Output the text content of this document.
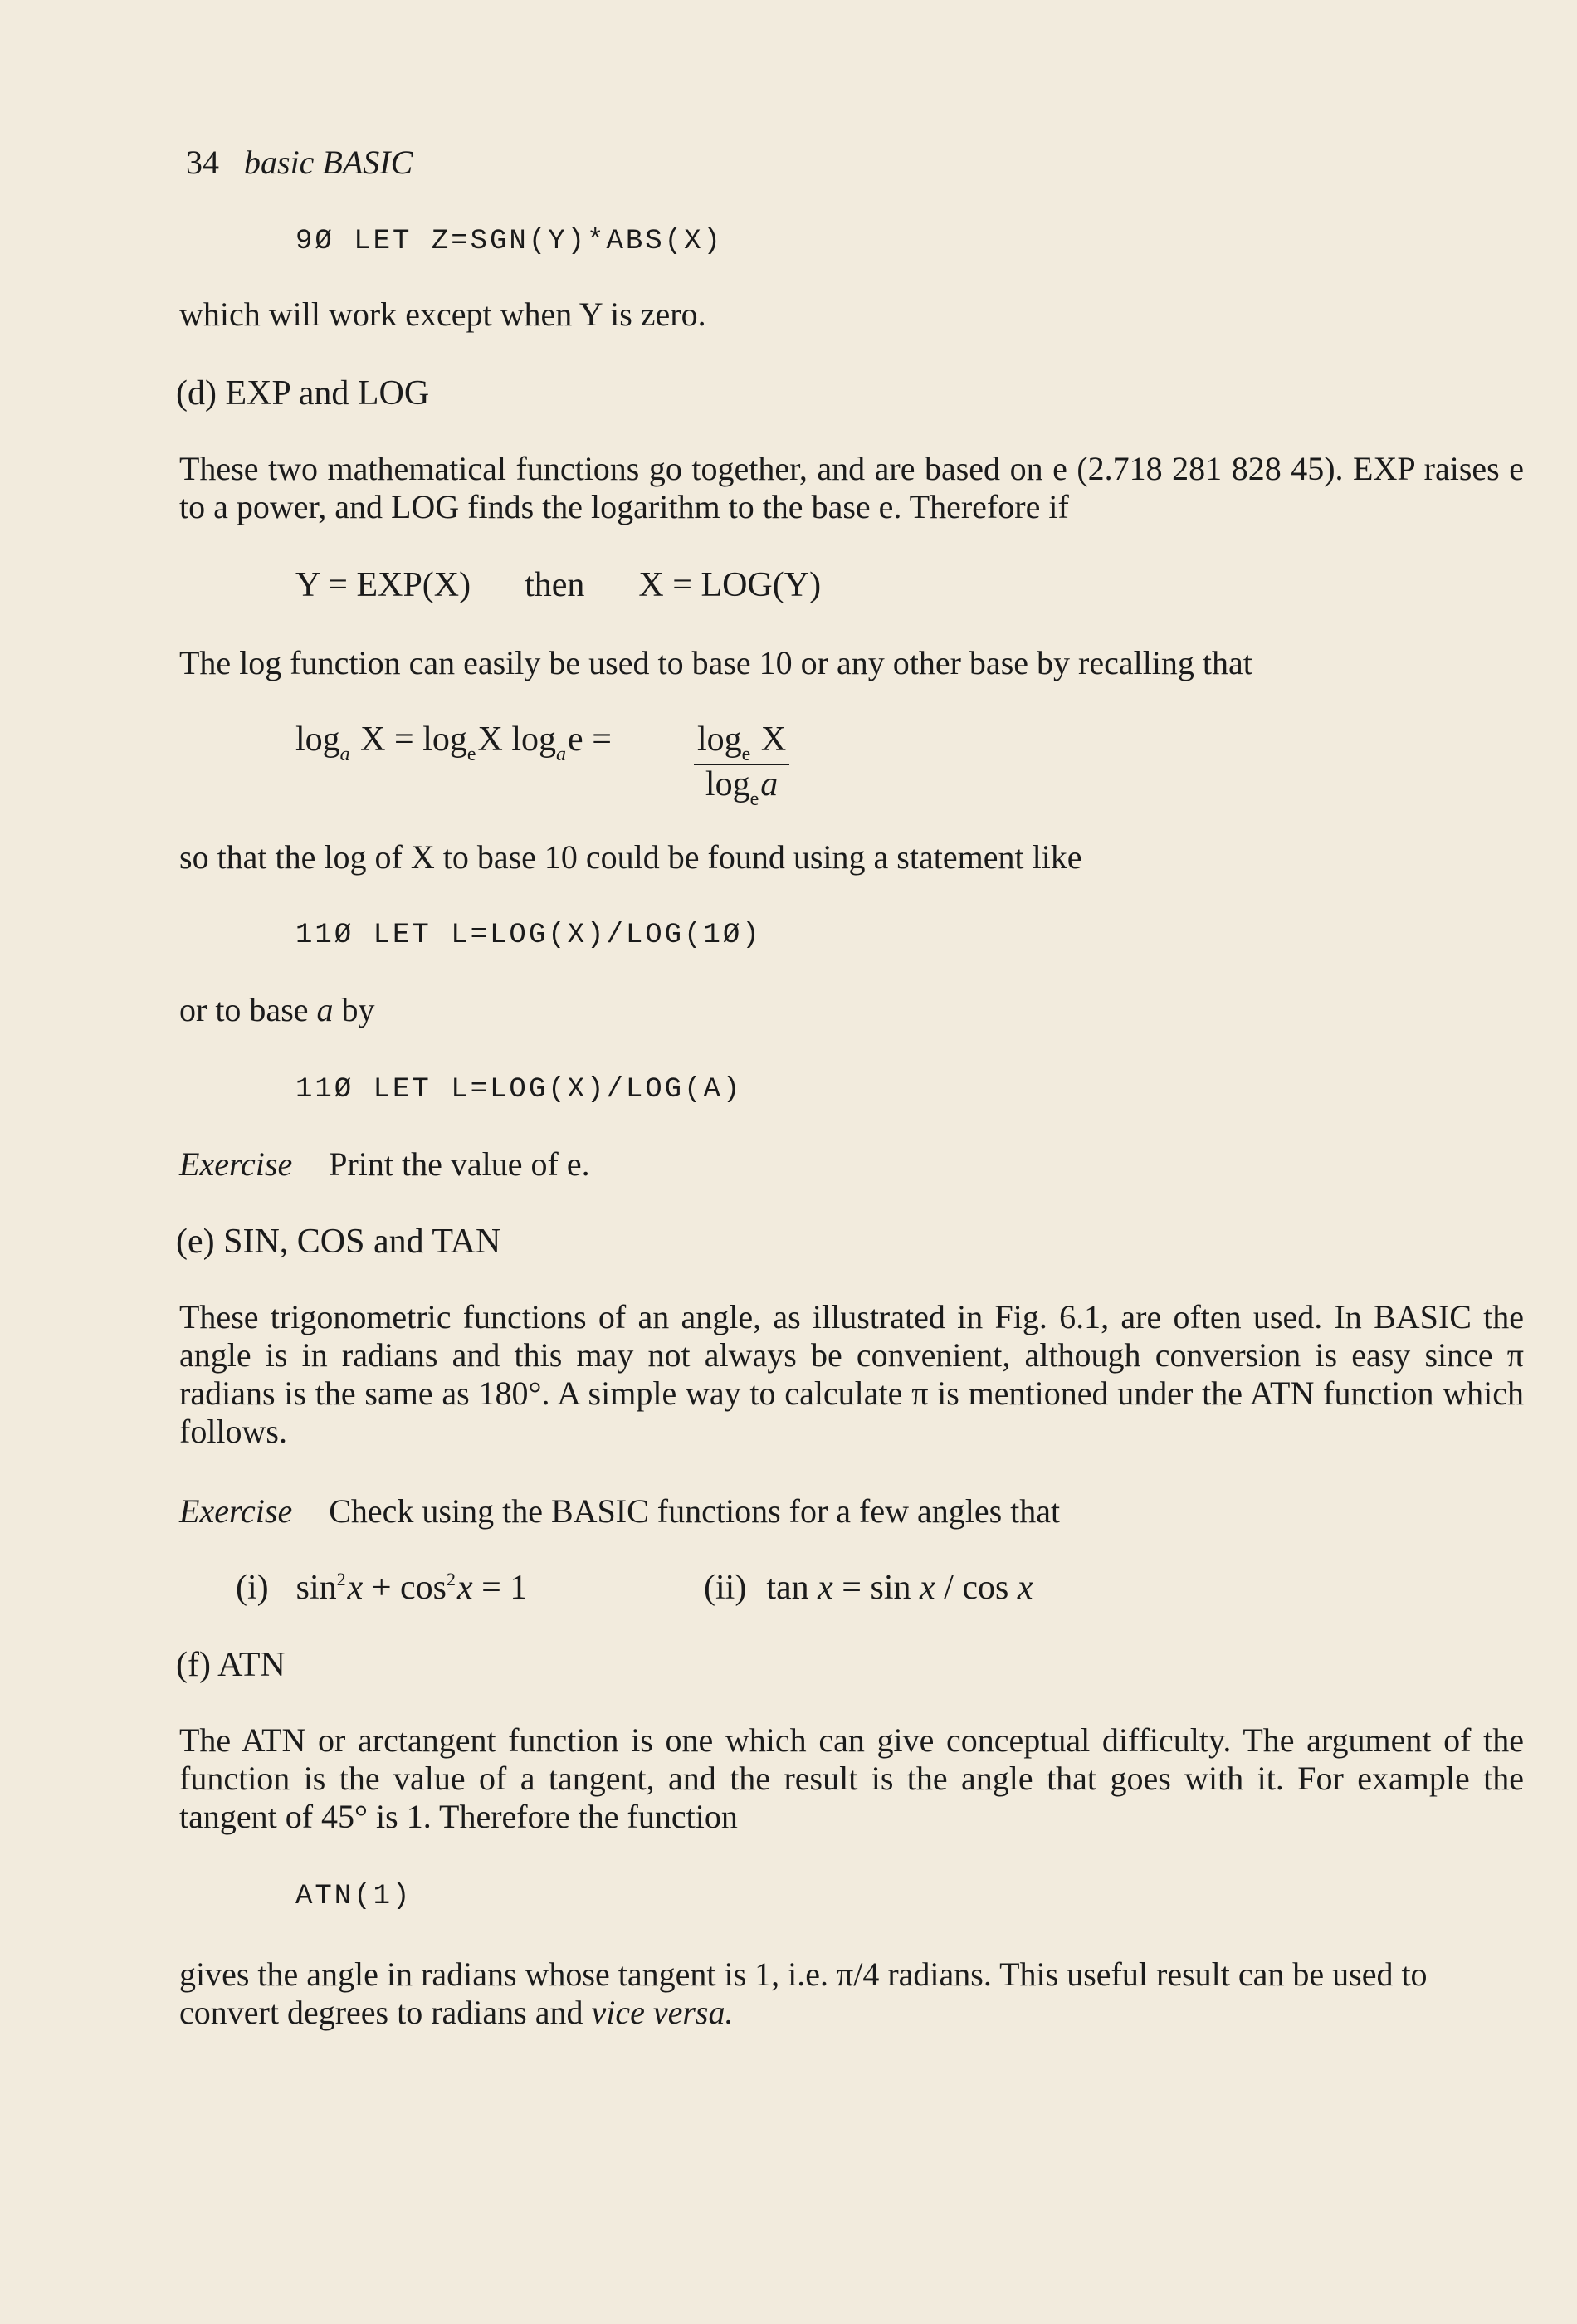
34 basic BASIC
9Ø LET Z=SGN(Y)*ABS(X)
which will work except when Y is zero.
(d) EXP and LOG
These two mathematical functions go together, and are based on e (2.718 281 828 45). EXP raises e to a power, and LOG finds the logarithm to the base e. Therefore if
Y = EXP(X) then X = LOG(Y)
The log function can easily be used to base 10 or any other base by recalling that
$\log_a X = \log_eX$ $\log_ae = \frac{\log_e X}{\log_ea}$
so that the log of X to base 10 could be found using a statement like
11Ø LET L=LOG(X)/LOG(1Ø)
or to base a by
11Ø LET L=LOG(X)/LOG(A)
Exercise Print the value of e.
(e) SIN, COS and TAN
These trigonometric functions of an angle, as illustrated in Fig. 6.1, are often used. In BASIC the angle is in radians and this may not always be convenient, although conversion is easy since π radians is the same as 180°. A simple way to calculate π is mentioned under the ATN function which follows.
Exercise Check using the BASIC functions for a few angles that
(i) $\sin^2x + \cos^2x = 1$	(ii) tan x = sin x / cos x
(f) ATN
The ATN or arctangent function is one which can give conceptual difficulty. The argument of the function is the value of a tangent, and the result is the angle that goes with it. For example the tangent of 45° is 1. Therefore the function
ATN(1)
gives the angle in radians whose tangent is 1, i.e. π/4 radians. This useful result can be used to convert degrees to radians and vice versa.
